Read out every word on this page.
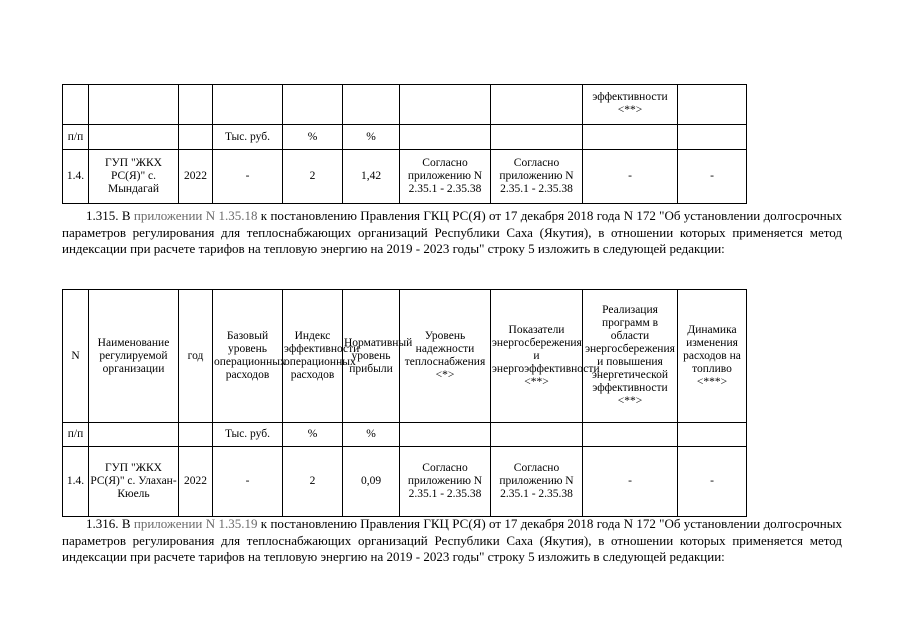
								эффективности <**>	
п/п			Тыс. руб.	%	%				
1.4.	ГУП "ЖКХ РС(Я)" с. Мындагай	2022	-	2	1,42	Согласно приложению N 2.35.1 - 2.35.38	Согласно приложению N 2.35.1 - 2.35.38	-	-
1.315. В приложении N 1.35.18 к постановлению Правления ГКЦ РС(Я) от 17 декабря 2018 года N 172 "Об установлении долгосрочных параметров регулирования для теплоснабжающих организаций Республики Саха (Якутия), в отношении которых применяется метод индексации при расчете тарифов на тепловую энергию на 2019 - 2023 годы" строку 5 изложить в следующей редакции:
N	Наименование регулируемой организации	год	Базовый уровень операционных расходов	Индекс эффективности операционных расходов	Нормативный уровень прибыли	Уровень надежности теплоснабжения <*>	Показатели энергосбережения и энергоэффективности <**>	Реализация программ в области энергосбережения и повышения энергетической эффективности <**>	Динамика изменения расходов на топливо <***>
п/п			Тыс. руб.	%	%				
1.4.	ГУП "ЖКХ РС(Я)" с. Улахан-Кюель	2022	-	2	0,09	Согласно приложению N 2.35.1 - 2.35.38	Согласно приложению N 2.35.1 - 2.35.38	-	-
1.316. В приложении N 1.35.19 к постановлению Правления ГКЦ РС(Я) от 17 декабря 2018 года N 172 "Об установлении долгосрочных параметров регулирования для теплоснабжающих организаций Республики Саха (Якутия), в отношении которых применяется метод индексации при расчете тарифов на тепловую энергию на 2019 - 2023 годы" строку 5 изложить в следующей редакции:
